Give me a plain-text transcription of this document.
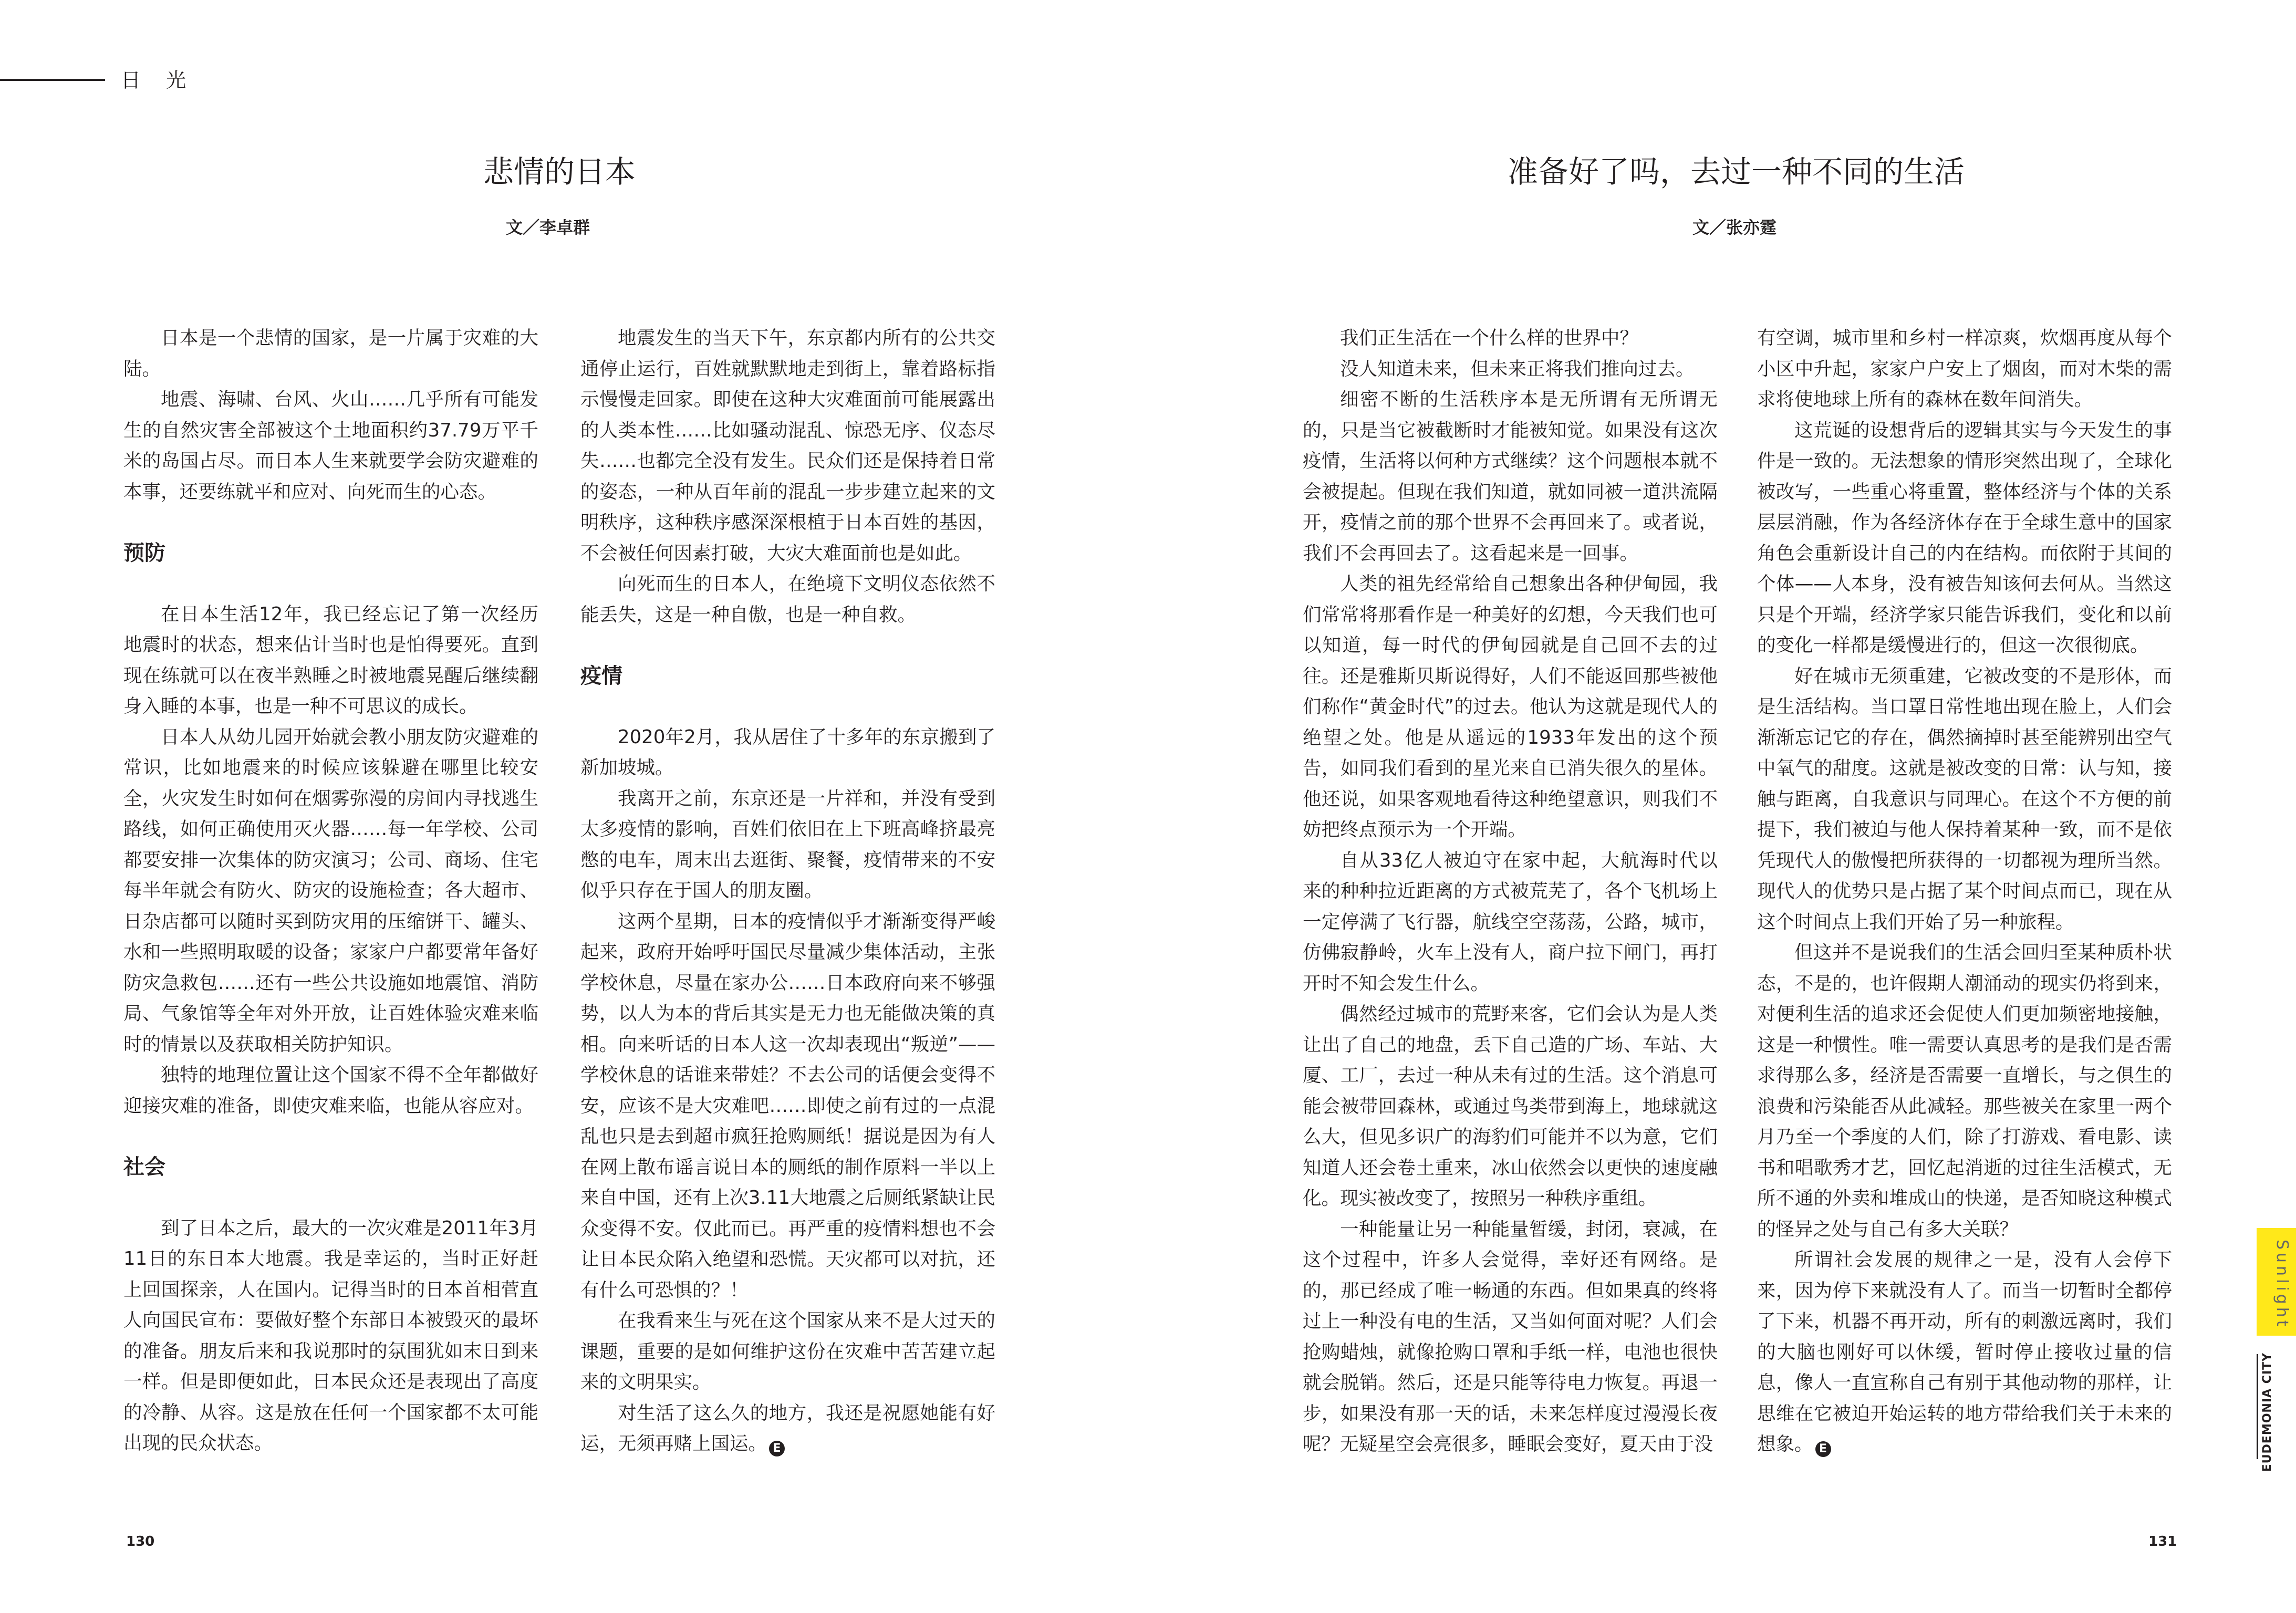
日 光
悲情的日本
文／李卓群
准备好了吗，去过一种不同的生活
文／张亦霆

日本是一个悲情的国家，是一片属于灾难的大陆。

地震、海啸、台风、火山……几乎所有可能发生的自然灾害全部被这个土地面积约37.79万平千米的岛国占尽。而日本人生来就要学会防灾避难的本事，还要练就平和应对、向死而生的心态。

预防

在日本生活12年，我已经忘记了第一次经历地震时的状态，想来估计当时也是怕得要死。直到现在练就可以在夜半熟睡之时被地震晃醒后继续翻身入睡的本事，也是一种不可思议的成长。

日本人从幼儿园开始就会教小朋友防灾避难的常识，比如地震来的时候应该躲避在哪里比较安全，火灾发生时如何在烟雾弥漫的房间内寻找逃生路线，如何正确使用灭火器……每一年学校、公司都要安排一次集体的防灾演习；公司、商场、住宅每半年就会有防火、防灾的设施检查；各大超市、日杂店都可以随时买到防灾用的压缩饼干、罐头、水和一些照明取暖的设备；家家户户都要常年备好防灾急救包……还有一些公共设施如地震馆、消防局、气象馆等全年对外开放，让百姓体验灾难来临时的情景以及获取相关防护知识。

独特的地理位置让这个国家不得不全年都做好迎接灾难的准备，即使灾难来临，也能从容应对。

社会

到了日本之后，最大的一次灾难是2011年3月11日的东日本大地震。我是幸运的，当时正好赶上回国探亲，人在国内。记得当时的日本首相菅直人向国民宣布：要做好整个东部日本被毁灭的最坏的准备。朋友后来和我说那时的氛围犹如末日到来一样。但是即便如此，日本民众还是表现出了高度的冷静、从容。这是放在任何一个国家都不太可能出现的民众状态。

地震发生的当天下午，东京都内所有的公共交通停止运行，百姓就默默地走到街上，靠着路标指示慢慢走回家。即使在这种大灾难面前可能展露出的人类本性……比如骚动混乱、惊恐无序、仪态尽失……也都完全没有发生。民众们还是保持着日常的姿态，一种从百年前的混乱一步步建立起来的文明秩序，这种秩序感深深根植于日本百姓的基因，不会被任何因素打破，大灾大难面前也是如此。

向死而生的日本人，在绝境下文明仪态依然不能丢失，这是一种自傲，也是一种自救。

疫情

2020年2月，我从居住了十多年的东京搬到了新加坡城。

我离开之前，东京还是一片祥和，并没有受到太多疫情的影响，百姓们依旧在上下班高峰挤最亮憋的电车，周末出去逛街、聚餐，疫情带来的不安似乎只存在于国人的朋友圈。

这两个星期，日本的疫情似乎才渐渐变得严峻起来，政府开始呼吁国民尽量减少集体活动，主张学校休息，尽量在家办公……日本政府向来不够强势，以人为本的背后其实是无力也无能做决策的真相。向来听话的日本人这一次却表现出“叛逆”——学校休息的话谁来带娃？不去公司的话便会变得不安，应该不是大灾难吧……即使之前有过的一点混乱也只是去到超市疯狂抢购厕纸！据说是因为有人在网上散布谣言说日本的厕纸的制作原料一半以上来自中国，还有上次3.11大地震之后厕纸紧缺让民众变得不安。仅此而已。再严重的疫情料想也不会让日本民众陷入绝望和恐慌。天灾都可以对抗，还有什么可恐惧的？！

在我看来生与死在这个国家从来不是大过天的课题，重要的是如何维护这份在灾难中苦苦建立起来的文明果实。

对生活了这么久的地方，我还是祝愿她能有好运，无须再赌上国运。 E

我们正生活在一个什么样的世界中？

没人知道未来，但未来正将我们推向过去。

细密不断的生活秩序本是无所谓有无所谓无的，只是当它被截断时才能被知觉。如果没有这次疫情，生活将以何种方式继续？这个问题根本就不会被提起。但现在我们知道，就如同被一道洪流隔开，疫情之前的那个世界不会再回来了。或者说，我们不会再回去了。这看起来是一回事。

人类的祖先经常给自己想象出各种伊甸园，我们常常将那看作是一种美好的幻想，今天我们也可以知道，每一时代的伊甸园就是自己回不去的过往。还是雅斯贝斯说得好，人们不能返回那些被他们称作“黄金时代”的过去。他认为这就是现代人的绝望之处。他是从遥远的1933年发出的这个预告，如同我们看到的星光来自已消失很久的星体。他还说，如果客观地看待这种绝望意识，则我们不妨把终点预示为一个开端。

自从33亿人被迫守在家中起，大航海时代以来的种种拉近距离的方式被荒芜了，各个飞机场上一定停满了飞行器，航线空空荡荡，公路，城市，仿佛寂静岭，火车上没有人，商户拉下闸门，再打开时不知会发生什么。

偶然经过城市的荒野来客，它们会认为是人类让出了自己的地盘，丢下自己造的广场、车站、大厦、工厂，去过一种从未有过的生活。这个消息可能会被带回森林，或通过鸟类带到海上，地球就这么大，但见多识广的海豹们可能并不以为意，它们知道人还会卷土重来，冰山依然会以更快的速度融化。现实被改变了，按照另一种秩序重组。

一种能量让另一种能量暂缓，封闭，衰减，在这个过程中，许多人会觉得，幸好还有网络。是的，那已经成了唯一畅通的东西。但如果真的终将过上一种没有电的生活，又当如何面对呢？人们会抢购蜡烛，就像抢购口罩和手纸一样，电池也很快就会脱销。然后，还是只能等待电力恢复。再退一步，如果没有那一天的话，未来怎样度过漫漫长夜呢？无疑星空会亮很多，睡眠会变好，夏天由于没

有空调，城市里和乡村一样凉爽，炊烟再度从每个小区中升起，家家户户安上了烟囱，而对木柴的需求将使地球上所有的森林在数年间消失。

这荒诞的设想背后的逻辑其实与今天发生的事件是一致的。无法想象的情形突然出现了，全球化被改写，一些重心将重置，整体经济与个体的关系层层消融，作为各经济体存在于全球生意中的国家角色会重新设计自己的内在结构。而依附于其间的个体——人本身，没有被告知该何去何从。当然这只是个开端，经济学家只能告诉我们，变化和以前的变化一样都是缓慢进行的，但这一次很彻底。

好在城市无须重建，它被改变的不是形体，而是生活结构。当口罩日常性地出现在脸上，人们会渐渐忘记它的存在，偶然摘掉时甚至能辨别出空气中氧气的甜度。这就是被改变的日常：认与知，接触与距离，自我意识与同理心。在这个不方便的前提下，我们被迫与他人保持着某种一致，而不是依凭现代人的傲慢把所获得的一切都视为理所当然。现代人的优势只是占据了某个时间点而已，现在从这个时间点上我们开始了另一种旅程。

但这并不是说我们的生活会回归至某种质朴状态，不是的，也许假期人潮涌动的现实仍将到来，对便利生活的追求还会促使人们更加频密地接触，这是一种惯性。唯一需要认真思考的是我们是否需求得那么多，经济是否需要一直增长，与之俱生的浪费和污染能否从此减轻。那些被关在家里一两个月乃至一个季度的人们，除了打游戏、看电影、读书和唱歌秀才艺，回忆起消逝的过往生活模式，无所不通的外卖和堆成山的快递，是否知晓这种模式的怪异之处与自己有多大关联？

所谓社会发展的规律之一是，没有人会停下来，因为停下来就没有人了。而当一切暂时全都停了下来，机器不再开动，所有的刺激远离时，我们的大脑也刚好可以休缓，暂时停止接收过量的信息，像人一直宣称自己有别于其他动物的那样，让思维在它被迫开始运转的地方带给我们关于未来的想象。 E

130	131
Sunlight
EUDEMONIA CITY
